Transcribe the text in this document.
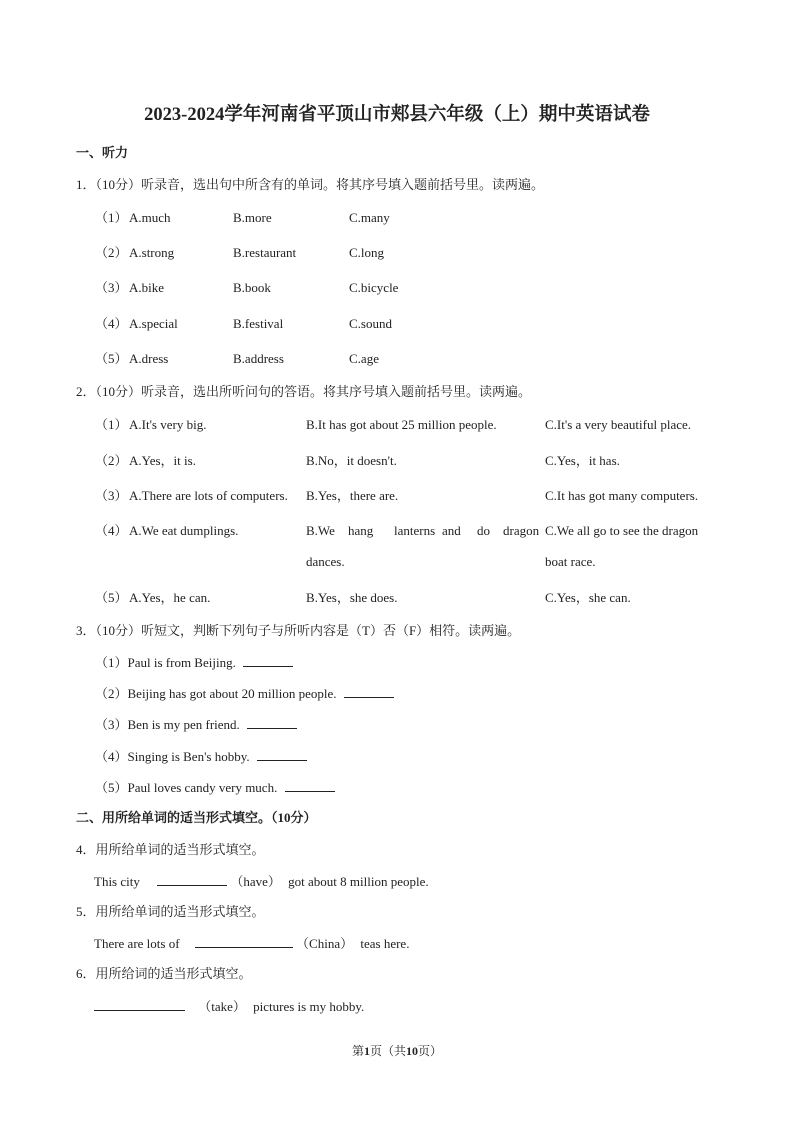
2023-2024学年河南省平顶山市郏县六年级（上）期中英语试卷
一、听力
1．（10分）听录音，选出句中所含有的单词。将其序号填入题前括号里。读两遍。
（1） A.much	B.more	C.many
（2） A.strong	B.restaurant	C.long
（3） A.bike	B.book	C.bicycle
（4） A.special	B.festival	C.sound
（5） A.dress	B.address	C.age
2．（10分）听录音，选出所听问句的答语。将其序号填入题前括号里。读两遍。
（1） A.It's very big.	B.It has got about 25 million people.	C.It's a very beautiful place.
（2） A.Yes，it is.	B.No，it doesn't.	C.Yes，it has.
（3） A.There are lots of computers. B.Yes，there are.	C.It has got many computers.
（4） A.We eat dumplings.	B.We hang lanterns and do dragon C.We all go to see the dragon
dances.	boat race.
（5） A.Yes，he can.	B.Yes，she does.	C.Yes，she can.
3．（10分）听短文，判断下列句子与所听内容是（T）否（F）相符。读两遍。
（1）Paul is from Beijing.
（2）Beijing has got about 20 million people.
（3）Ben is my pen friend.
（4）Singing is Ben's hobby.
（5）Paul loves candy very much.
二、用所给单词的适当形式填空。（10分）
4．用所给单词的适当形式填空。
This city	（have） got about 8 million people.
5．用所给单词的适当形式填空。
There are lots of	（China） teas here.
6．用所给词的适当形式填空。
（take） pictures is my hobby.
第1页（共10页）
